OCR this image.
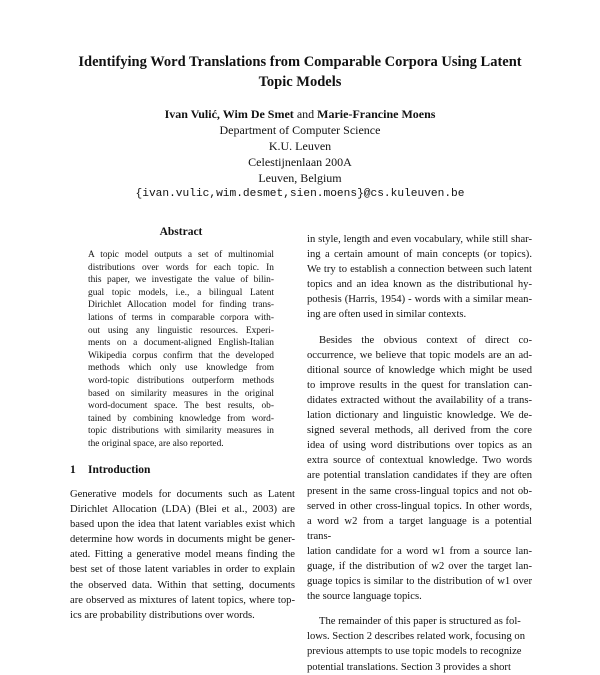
Identifying Word Translations from Comparable Corpora Using Latent
Topic Models
Ivan Vulić, Wim De Smet and Marie-Francine Moens
Department of Computer Science
K.U. Leuven
Celestijnenlaan 200A
Leuven, Belgium
{ivan.vulic,wim.desmet,sien.moens}@cs.kuleuven.be
Abstract
A topic model outputs a set of multinomial
distributions over words for each topic. In
this paper, we investigate the value of bilin-
gual topic models, i.e., a bilingual Latent
Dirichlet Allocation model for finding trans-
lations of terms in comparable corpora with-
out using any linguistic resources. Experi-
ments on a document-aligned English-Italian
Wikipedia corpus confirm that the developed
methods which only use knowledge from
word-topic distributions outperform methods
based on similarity measures in the original
word-document space. The best results, ob-
tained by combining knowledge from word-
topic distributions with similarity measures in
the original space, are also reported.
1 Introduction
Generative models for documents such as Latent
Dirichlet Allocation (LDA) (Blei et al., 2003) are
based upon the idea that latent variables exist which
determine how words in documents might be gener-
ated. Fitting a generative model means finding the
best set of those latent variables in order to explain
the observed data. Within that setting, documents
are observed as mixtures of latent topics, where top-
ics are probability distributions over words.
in style, length and even vocabulary, while still shar-
ing a certain amount of main concepts (or topics).
We try to establish a connection between such latent
topics and an idea known as the distributional hy-
pothesis (Harris, 1954) - words with a similar mean-
ing are often used in similar contexts.
Besides the obvious context of direct co-
occurrence, we believe that topic models are an ad-
ditional source of knowledge which might be used
to improve results in the quest for translation can-
didates extracted without the availability of a trans-
lation dictionary and linguistic knowledge. We de-
signed several methods, all derived from the core
idea of using word distributions over topics as an
extra source of contextual knowledge. Two words
are potential translation candidates if they are often
present in the same cross-lingual topics and not ob-
served in other cross-lingual topics. In other words,
a word w2 from a target language is a potential trans-
lation candidate for a word w1 from a source lan-
guage, if the distribution of w2 over the target lan-
guage topics is similar to the distribution of w1 over
the source language topics.
The remainder of this paper is structured as fol-
lows. Section 2 describes related work, focusing on
previous attempts to use topic models to recognize
potential translations. Section 3 provides a short
